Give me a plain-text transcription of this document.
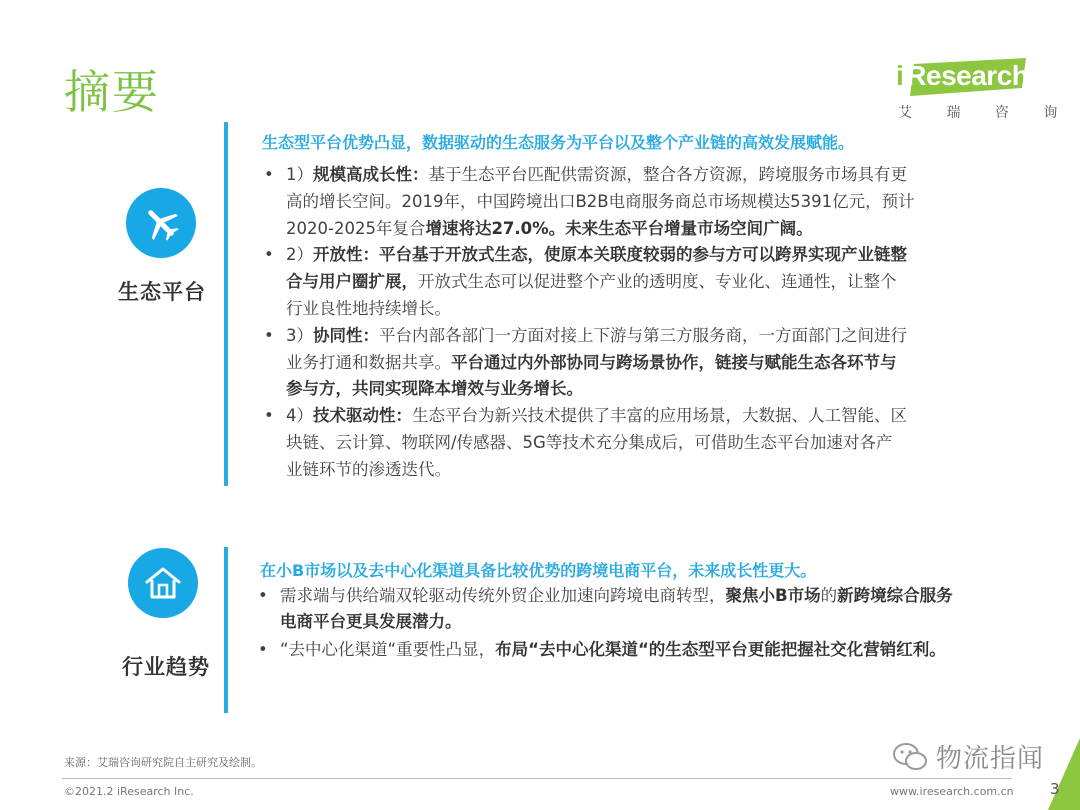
摘要	i Research
艾 瑞 咨 询
生态平台
生态型平台优势凸显，数据驱动的生态服务为平台以及整个产业链的高效发展赋能。
• 1）规模高成长性：基于生态平台匹配供需资源，整合各方资源，跨境服务市场具有更
高的增长空间。2019年，中国跨境出口B2B电商服务商总市场规模达5391亿元，预计
2020-2025年复合增速将达27.0%。未来生态平台增量市场空间广阔。
• 2）开放性：平台基于开放式生态，使原本关联度较弱的参与方可以跨界实现产业链整
合与用户圈扩展，开放式生态可以促进整个产业的透明度、专业化、连通性，让整个
行业良性地持续增长。
• 3）协同性：平台内部各部门一方面对接上下游与第三方服务商，一方面部门之间进行
业务打通和数据共享。平台通过内外部协同与跨场景协作，链接与赋能生态各环节与
参与方，共同实现降本增效与业务增长。
• 4）技术驱动性：生态平台为新兴技术提供了丰富的应用场景，大数据、人工智能、区
块链、云计算、物联网/传感器、5G等技术充分集成后，可借助生态平台加速对各产
业链环节的渗透迭代。
行业趋势
在小B市场以及去中心化渠道具备比较优势的跨境电商平台，未来成长性更大。
• 需求端与供给端双轮驱动传统外贸企业加速向跨境电商转型，聚焦小B市场的新跨境综合服务
电商平台更具发展潜力。
• “去中心化渠道“重要性凸显，布局“去中心化渠道“的生态型平台更能把握社交化营销红利。
来源：艾瑞咨询研究院自主研究及绘制。
©2021.2 iResearch Inc.	www.iresearch.com.cn 3
物流指闻
